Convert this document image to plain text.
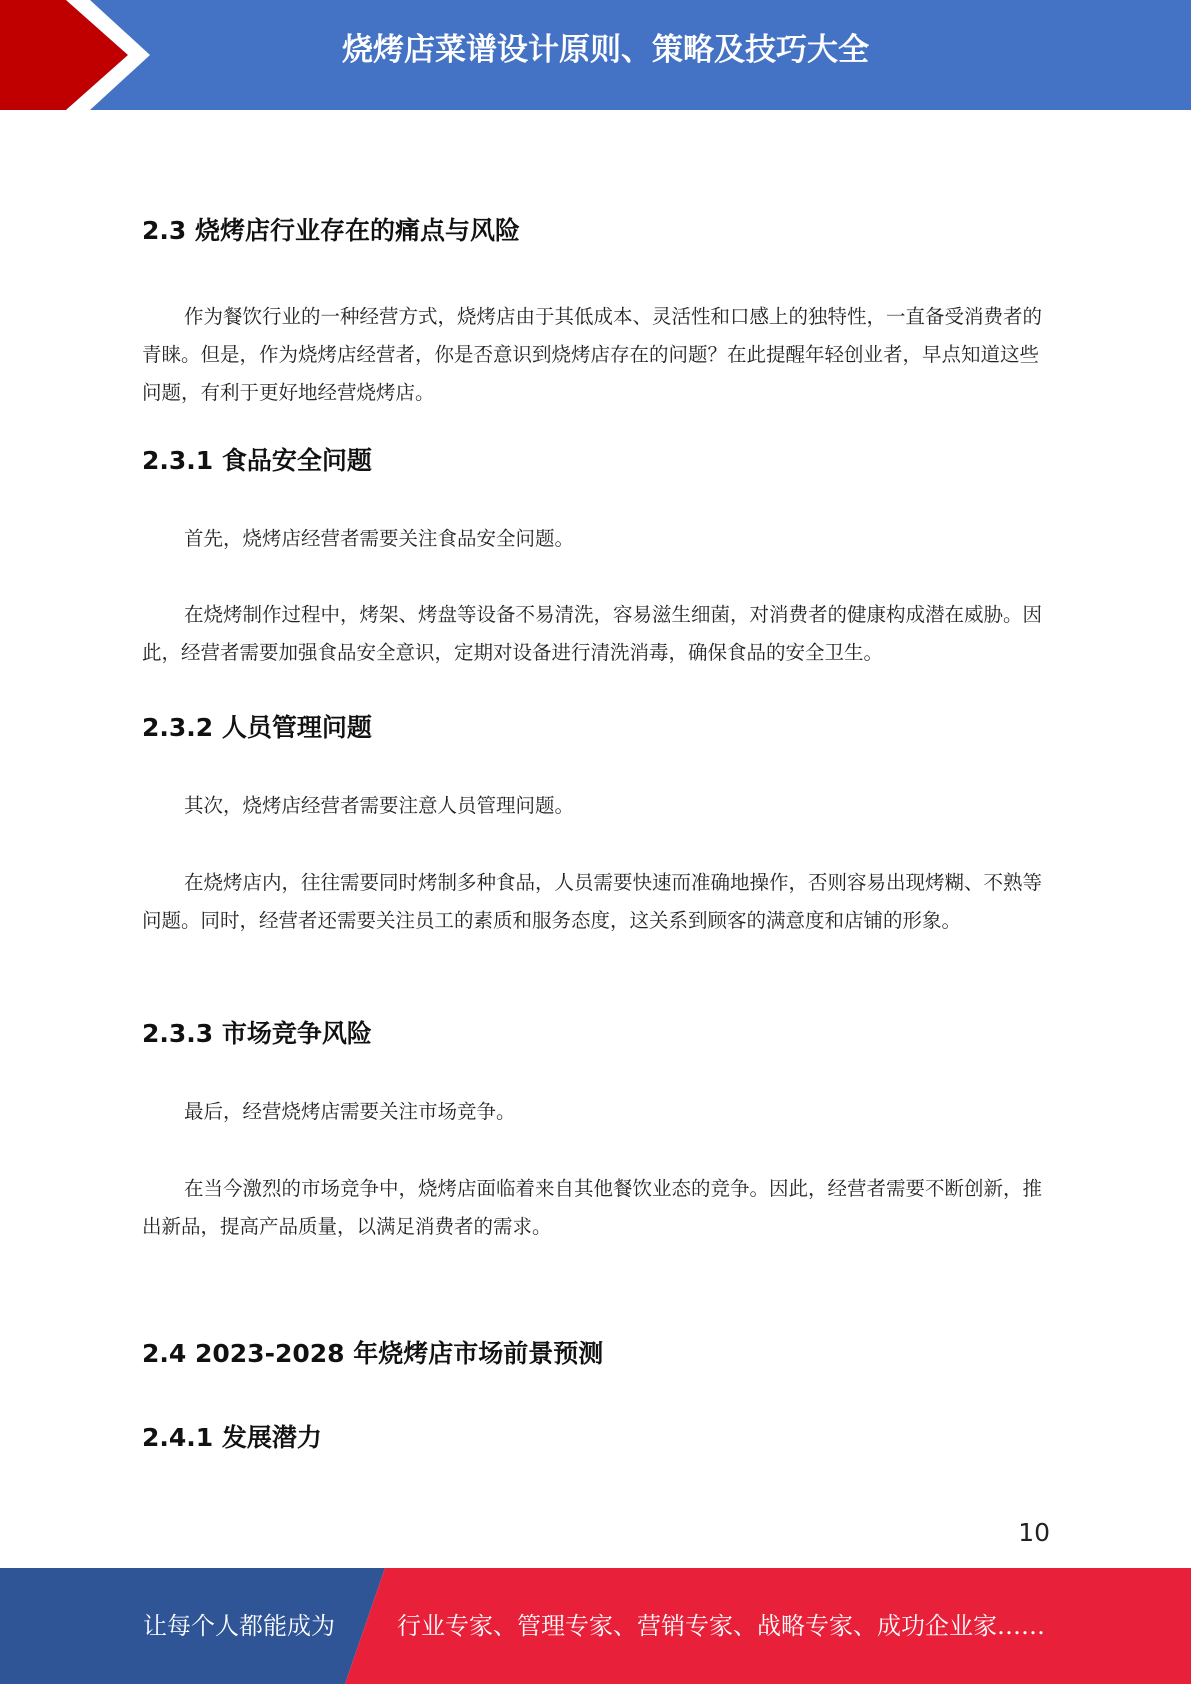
烧烤店菜谱设计原则、策略及技巧大全
2.3 烧烤店行业存在的痛点与风险

作为餐饮行业的一种经营方式，烧烤店由于其低成本、灵活性和口感上的独特性，一直备受消费者的青睐。但是，作为烧烤店经营者，你是否意识到烧烤店存在的问题？在此提醒年轻创业者，早点知道这些问题，有利于更好地经营烧烤店。

2.3.1 食品安全问题

首先，烧烤店经营者需要关注食品安全问题。

在烧烤制作过程中，烤架、烤盘等设备不易清洗，容易滋生细菌，对消费者的健康构成潜在威胁。因此，经营者需要加强食品安全意识，定期对设备进行清洗消毒，确保食品的安全卫生。

2.3.2 人员管理问题

其次，烧烤店经营者需要注意人员管理问题。

在烧烤店内，往往需要同时烤制多种食品，人员需要快速而准确地操作，否则容易出现烤糊、不熟等问题。同时，经营者还需要关注员工的素质和服务态度，这关系到顾客的满意度和店铺的形象。

2.3.3 市场竞争风险

最后，经营烧烤店需要关注市场竞争。

在当今激烈的市场竞争中，烧烤店面临着来自其他餐饮业态的竞争。因此，经营者需要不断创新，推出新品，提高产品质量，以满足消费者的需求。

2.4 2023-2028 年烧烤店市场前景预测
2.4.1 发展潜力
10
让每个人都能成为	行业专家、管理专家、营销专家、战略专家、成功企业家……
